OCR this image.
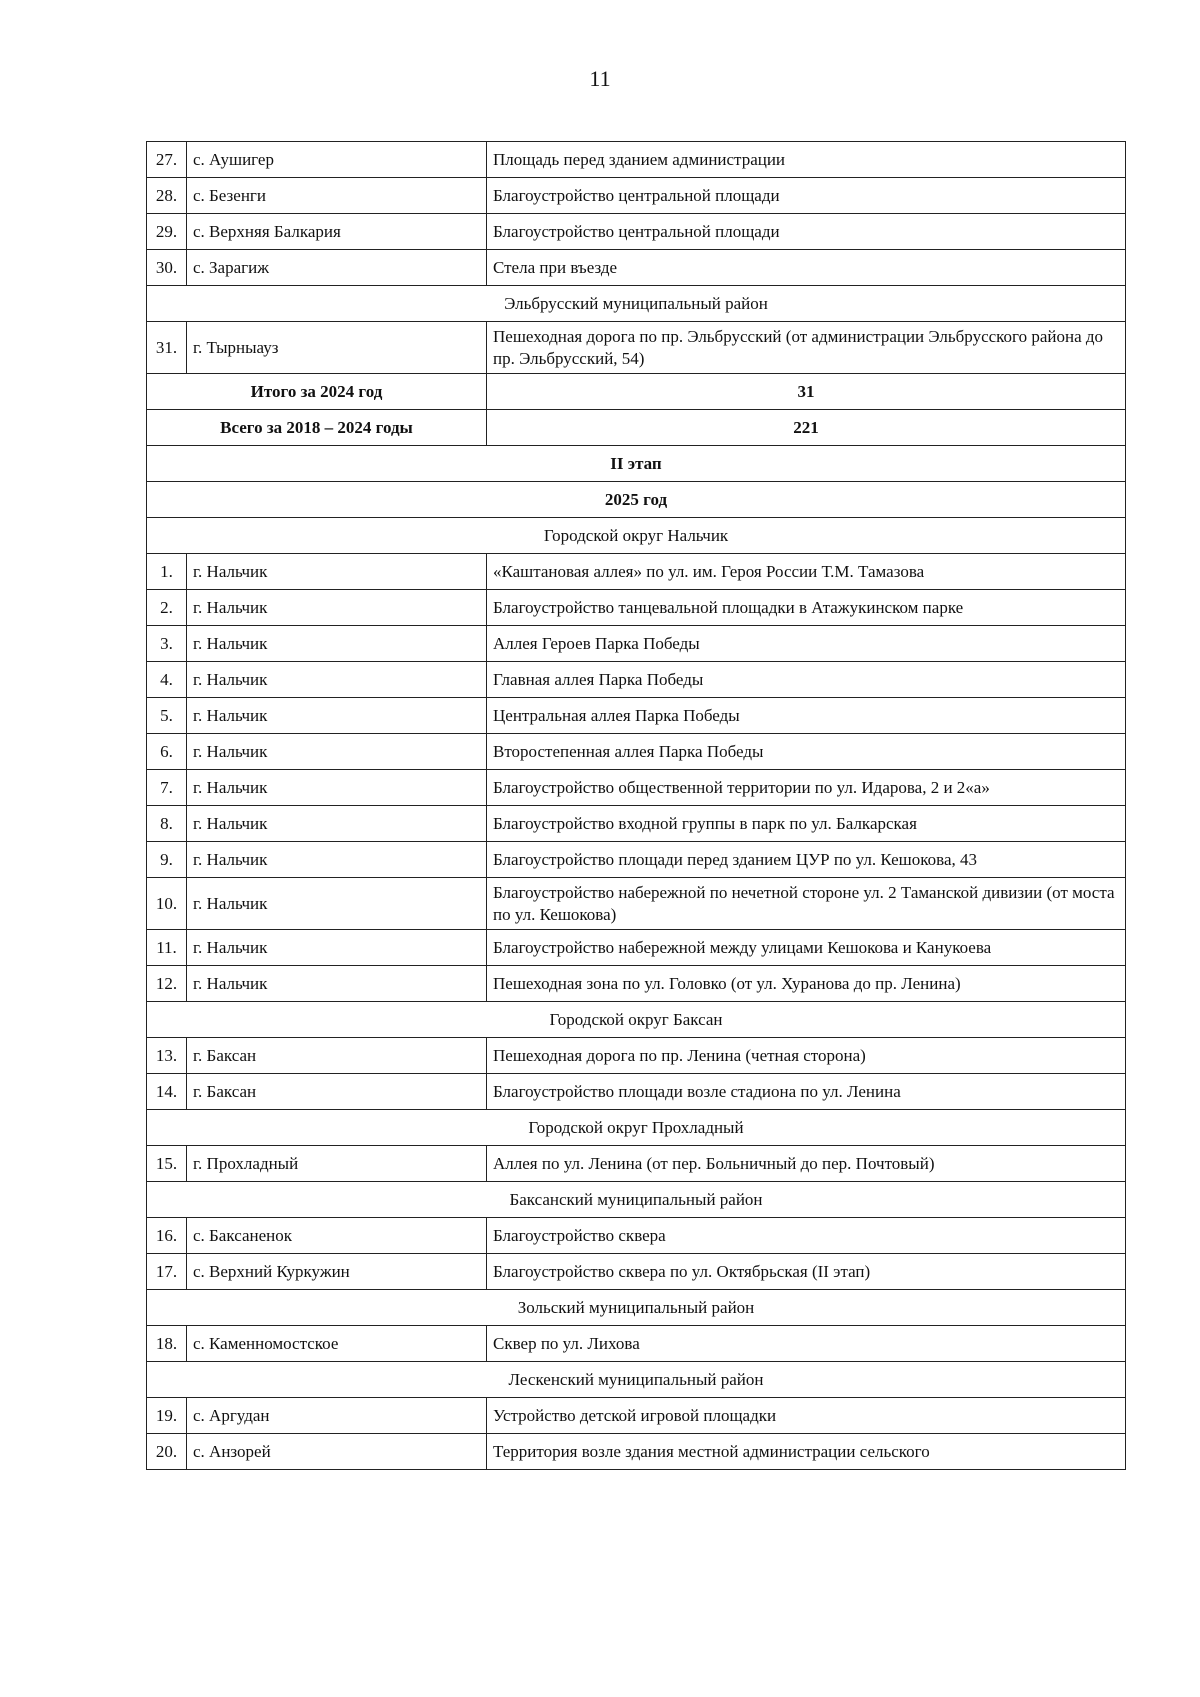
11
27.	с. Аушигер	Площадь перед зданием администрации
28.	с. Безенги	Благоустройство центральной площади
29.	с. Верхняя Балкария	Благоустройство центральной площади
30.	с. Зарагиж	Стела при въезде
Эльбрусский муниципальный район		
31.	г. Тырныауз	Пешеходная дорога по пр. Эльбрусский (от администрации Эльбрусского района до пр. Эльбрусский, 54)
Итого за 2024 год		31
Всего за 2018 – 2024 годы		221
II этап		
2025 год		
Городской округ Нальчик		
1.	г. Нальчик	«Каштановая аллея» по ул. им. Героя России Т.М. Тамазова
2.	г. Нальчик	Благоустройство танцевальной площадки в Атажукинском парке
3.	г. Нальчик	Аллея Героев Парка Победы
4.	г. Нальчик	Главная аллея Парка Победы
5.	г. Нальчик	Центральная аллея Парка Победы
6.	г. Нальчик	Второстепенная аллея Парка Победы
7.	г. Нальчик	Благоустройство общественной территории по ул. Идарова, 2 и 2«а»
8.	г. Нальчик	Благоустройство входной группы в парк по ул. Балкарская
9.	г. Нальчик	Благоустройство площади перед зданием ЦУР по ул. Кешокова, 43
10.	г. Нальчик	Благоустройство набережной по нечетной стороне ул. 2 Таманской дивизии (от моста по ул. Кешокова)
11.	г. Нальчик	Благоустройство набережной между улицами Кешокова и Канукоева
12.	г. Нальчик	Пешеходная зона по ул. Головко (от ул. Хуранова до пр. Ленина)
Городской округ Баксан		
13.	г. Баксан	Пешеходная дорога по пр. Ленина (четная сторона)
14.	г. Баксан	Благоустройство площади возле стадиона по ул. Ленина
Городской округ Прохладный		
15.	г. Прохладный	Аллея по ул. Ленина (от пер. Больничный до пер. Почтовый)
Баксанский муниципальный район		
16.	с. Баксаненок	Благоустройство сквера
17.	с. Верхний Куркужин	Благоустройство сквера по ул. Октябрьская (II этап)
Зольский муниципальный район		
18.	с. Каменномостское	Сквер по ул. Лихова
Лескенский муниципальный район		
19.	с. Аргудан	Устройство детской игровой площадки
20.	с. Анзорей	Территория возле здания местной администрации сельского
